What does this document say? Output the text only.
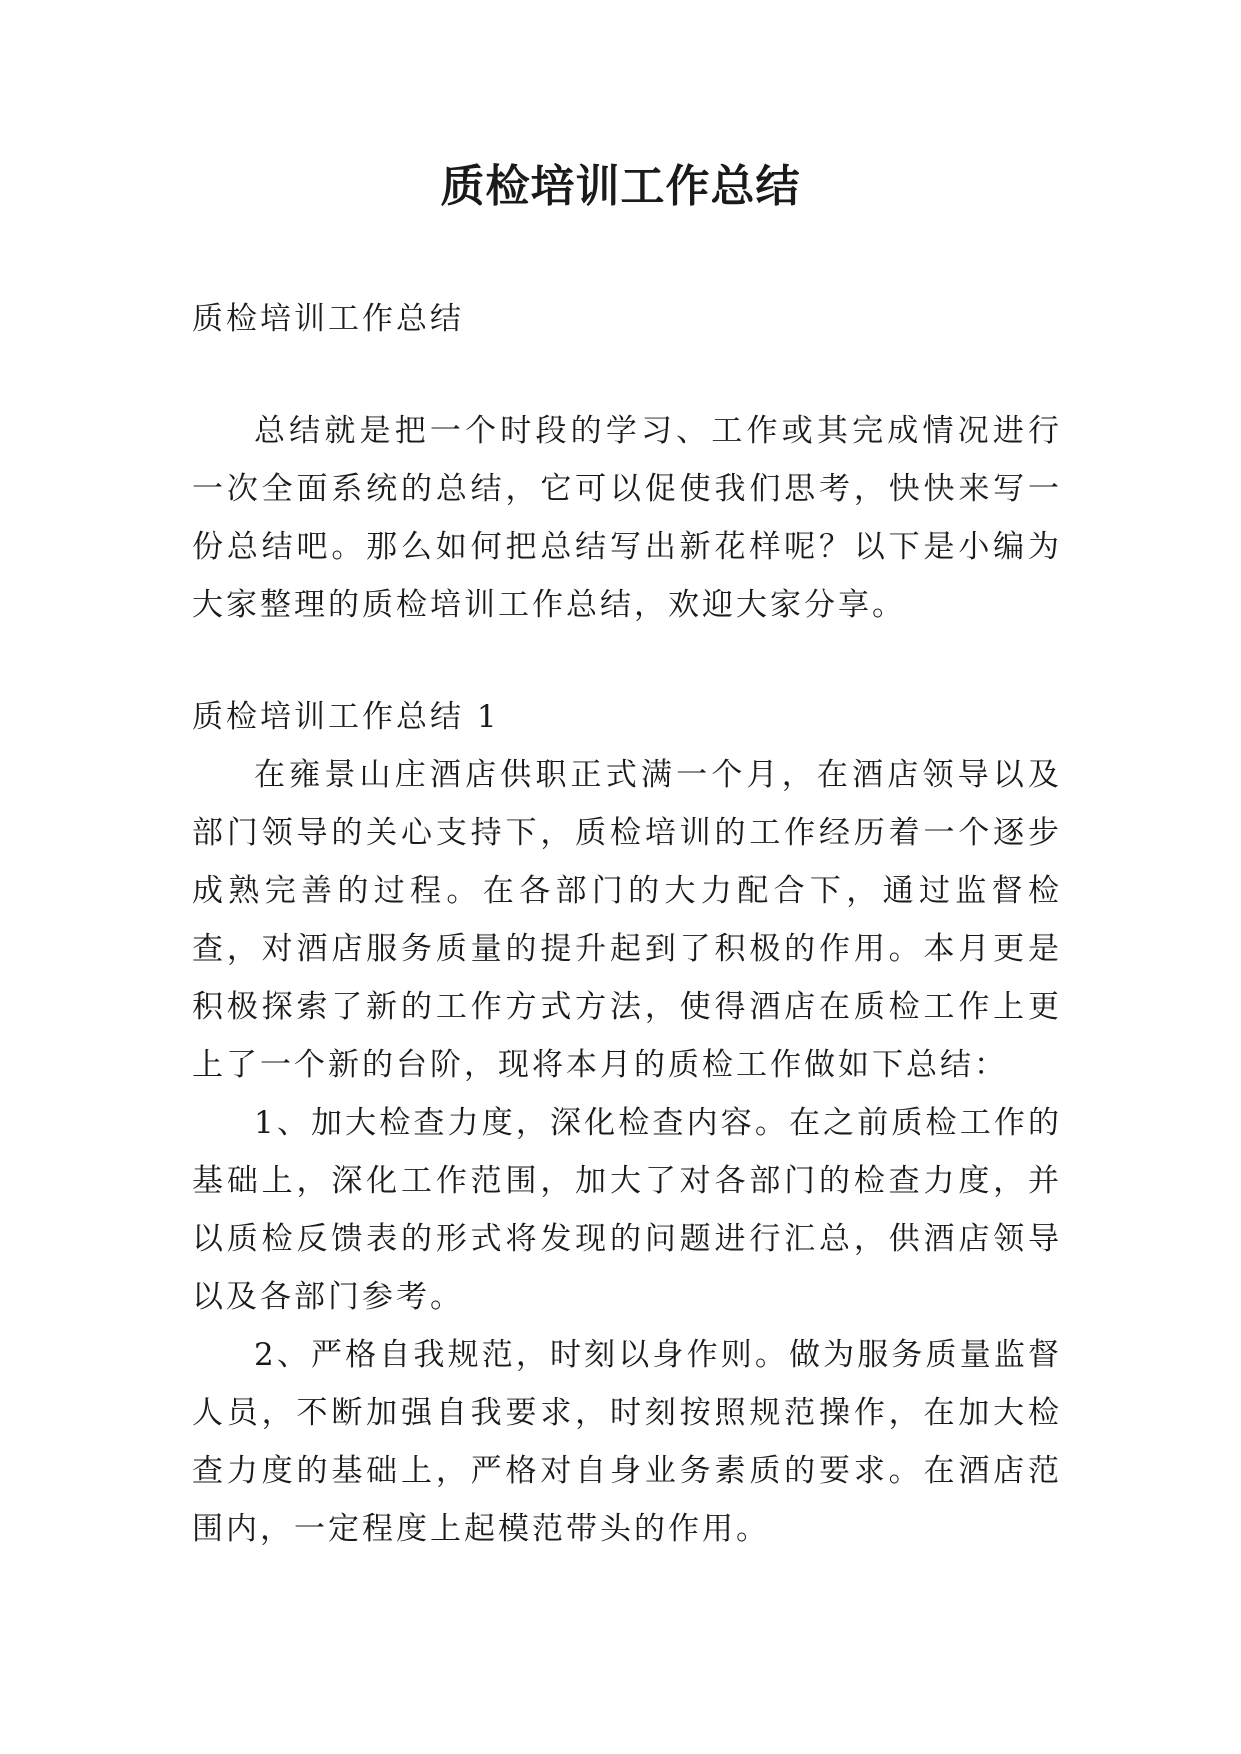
质检培训工作总结

质检培训工作总结

总结就是把一个时段的学习、工作或其完成情况进行一次全面系统的总结，它可以促使我们思考，快快来写一份总结吧。那么如何把总结写出新花样呢？以下是小编为大家整理的质检培训工作总结，欢迎大家分享。

质检培训工作总结 1

在雍景山庄酒店供职正式满一个月，在酒店领导以及部门领导的关心支持下，质检培训的工作经历着一个逐步成熟完善的过程。在各部门的大力配合下，通过监督检查，对酒店服务质量的提升起到了积极的作用。本月更是积极探索了新的工作方式方法，使得酒店在质检工作上更上了一个新的台阶，现将本月的质检工作做如下总结：

1、加大检查力度，深化检查内容。在之前质检工作的基础上，深化工作范围，加大了对各部门的检查力度，并以质检反馈表的形式将发现的问题进行汇总，供酒店领导以及各部门参考。

2、严格自我规范，时刻以身作则。做为服务质量监督人员，不断加强自我要求，时刻按照规范操作，在加大检查力度的基础上，严格对自身业务素质的要求。在酒店范围内，一定程度上起模范带头的作用。
